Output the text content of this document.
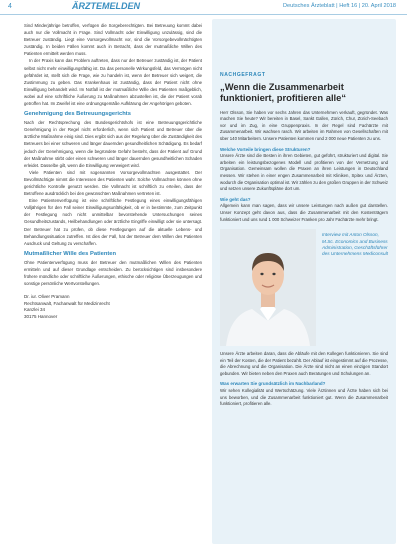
4	ÄRZTEMELDEN	Deutsches Ärzteblatt | Heft 16 | 20. April 2018

Sind Minderjährige betroffen, verfügen die Sorgeberechtigten. Bei Betreuung kommt dabei auch nur die Vollmacht in Frage. Sind Vollmacht oder Einwilligung unzulässig, sind die Betreuer zuständig. Liegt eine Vorsorgevollmacht vor, sind die Vorsorgebevollmächtigten zuständig. In beiden Fällen kommt auch in Betracht, dass der mutmaßliche Willen des Patienten ermittelt werden muss.

In der Praxis kann das Problem auftreten, dass nur der Betreuer zuständig ist, der Patient selbst nicht mehr einwilligungsfähig ist. Da das personelle Wirkungsfeld, das Vermögen nicht gefährdet ist, stellt sich die Frage, wie zu handeln ist, wenn der Betreuer sich weigert, die Zustimmung zu geben. Das Krankenhaus ist zuständig, dass der Patient nicht ohne Einwilligung behandelt wird. Im Notfall ist der mutmaßliche Wille des Patienten maßgeblich, wobei auf eine schriftliche Äußerung zu Maßnahmen abzustellen ist, die der Patient vorab getroffen hat. Im Zweifel ist eine ordnungsgemäße Aufklärung der Angehörigen geboten.

Genehmigung des Betreuungsgerichts

Nach der Rechtsprechung des Bundesgerichtshofs ist eine Betreuungsgerichtliche Genehmigung in der Regel nicht erforderlich, wenn sich Patient und Betreuer über die ärztliche Maßnahme einig sind. Dies ergibt sich aus der Regelung über die Zuständigkeit des Betreuers bei einer schweren und länger dauernden gesundheitlichen Schädigung. Es bedarf jedoch der Genehmigung, wenn die begründete Gefahr besteht, dass der Patient auf Grund der Maßnahme stirbt oder einen schweren und länger dauernden gesundheitlichen Schaden erleidet. Dasselbe gilt, wenn die Einwilligung verweigert wird.

Viele Patienten sind mit sogenannten Vorsorgevollmachten ausgestattet. Der Bevollmächtigte nimmt die Interessen des Patienten wahr. Solche Vollmachten können ohne gerichtliche Kontrolle genutzt werden. Die Vollmacht ist schriftlich zu erteilen, dass der Betroffene ausdrücklich bei den gewünschten Maßnahmen vertreten ist.

Eine Patientenverfügung ist eine schriftliche Festlegung eines einwilligungsfähigen Volljährigen für den Fall seiner Einwilligungsunfähigkeit, ob er in bestimmte, zum Zeitpunkt der Festlegung noch nicht unmittelbar bevorstehende Untersuchungen seines Gesundheitszustands, Heilbehandlungen oder ärztliche Eingriffe einwilligt oder sie untersagt. Der Betreuer hat zu prüfen, ob diese Festlegungen auf die aktuelle Lebens- und Behandlungssituation zutreffen. Ist dies der Fall, hat der Betreuer dem Willen des Patienten Ausdruck und Geltung zu verschaffen.

Mutmaßlicher Wille des Patienten

Ohne Patientenverfügung muss der Betreuer den mutmaßlichen Willen des Patienten ermitteln und auf dieser Grundlage entscheiden. Zu berücksichtigen sind insbesondere frühere mündliche oder schriftliche Äußerungen, ethische oder religiöse Überzeugungen und sonstige persönliche Wertvorstellungen.

Dr. iur. Oliver Pramann
Rechtsanwalt, Fachanwalt für Medizinrecht
Kanzlei 34
30175 Hannover
NACHGEFRAGT
„Wenn die Zusammenarbeit funktioniert, profitieren alle“

Herr Olsson, Sie haben vor sechs Jahren das Unternehmen verkauft, gegründet. Was machen Sie heute? Wir bereiten in Basel, Sankt Gallen, Zürich, Chur, Zürich-Seebach vor und im Zug, in eine Gruppenpraxis. In der Regel sind Fachärzte mit Zusammenarbeit. Wir wachsen rasch. Wir arbeiten im Rahmen von Gesellschaften mit über 140 Mitarbeitern. Unsere Patienten kommen rund 2 000 neue Patienten zu uns.

Welche Vorteile bringen diese Strukturen?

Unsere Ärzte sind die Besten in ihren Gebieten, gut geführt, strukturiert und digital. Sie arbeiten ein leistungsbezogenes Modell und profitieren von der Vernetzung und Organisation. Gemeinsam wollen die Praxen an ihren Leistungen in Deutschland messen. Wir stehen in einer engen Zusammenarbeit mit Kliniken, Spitex und Ärzten, wodurch die Organisation optimal ist. Wir zählen zu den großen Gruppen in der Schweiz und setzen unsere Zukunftspläne dort um.

Wie geht das?

Allgemein kann man sagen, dass wir unsere Leistungen nach außen gut darstellen. Unser Konzept geht davon aus, dass die Zusammenarbeit mit den Kostenträgern funktioniert und uns rund 1 000 Schweizer Franken pro Jahr Fachärzte mehr bringt.

Interview mit Anton Olsson, M.Sc. Economics and Business Administration, Geschäftsführer des Unternehmens Mediconsult

Unsere Ärzte arbeiten daran, dass die Abläufe mit den Kollegen funktionieren. Sie sind ein Teil der Kosten, die der Patient bezahlt. Der Ablauf ist eingestimmt auf die Prozesse, die Abrechnung und die Organisation. Die Ärzte sind nicht an einen einzigen Standort gebunden. Wir bieten neben den Praxen auch Beratungen und Schulungen an.

Was erwarten Sie grundsätzlich im Nachbarland?

Wir sehen Kollegialität und Wertschätzung. Viele Ärztinnen und Ärzte haben sich bei uns beworben, und die Zusammenarbeit funktioniert gut. Wenn die Zusammenarbeit funktioniert, profitieren alle.
